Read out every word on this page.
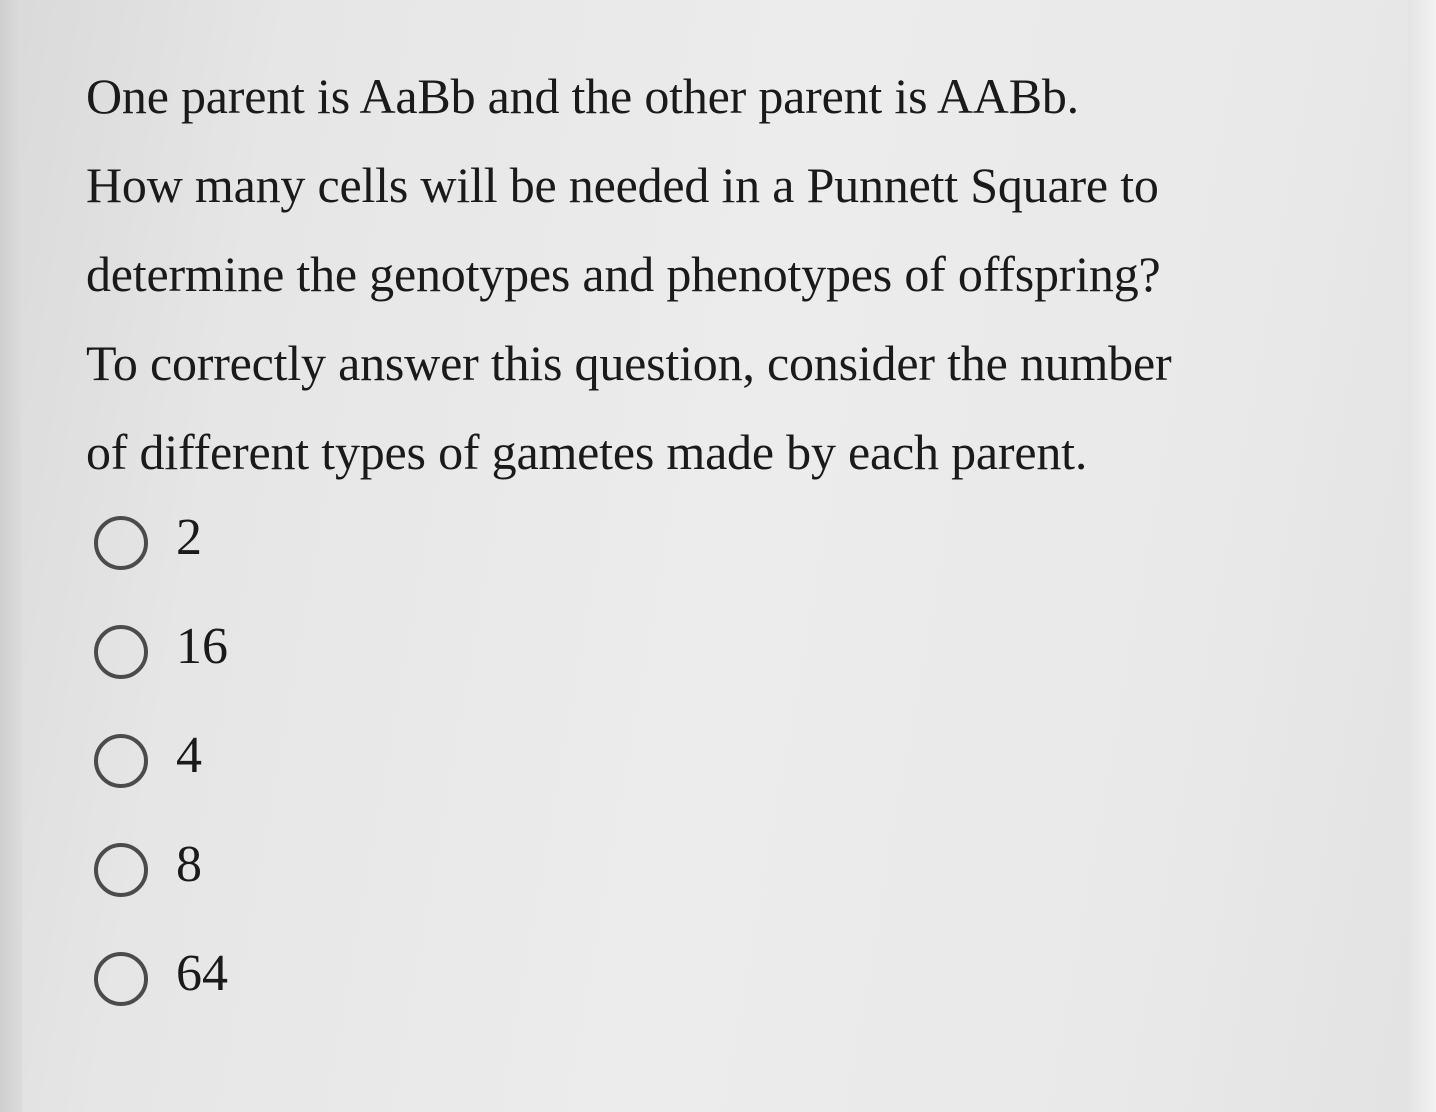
One parent is AaBb and the other parent is AABb.
How many cells will be needed in a Punnett Square to
determine the genotypes and phenotypes of offspring?
To correctly answer this question, consider the number
of different types of gametes made by each parent.
2
16
4
8
64
